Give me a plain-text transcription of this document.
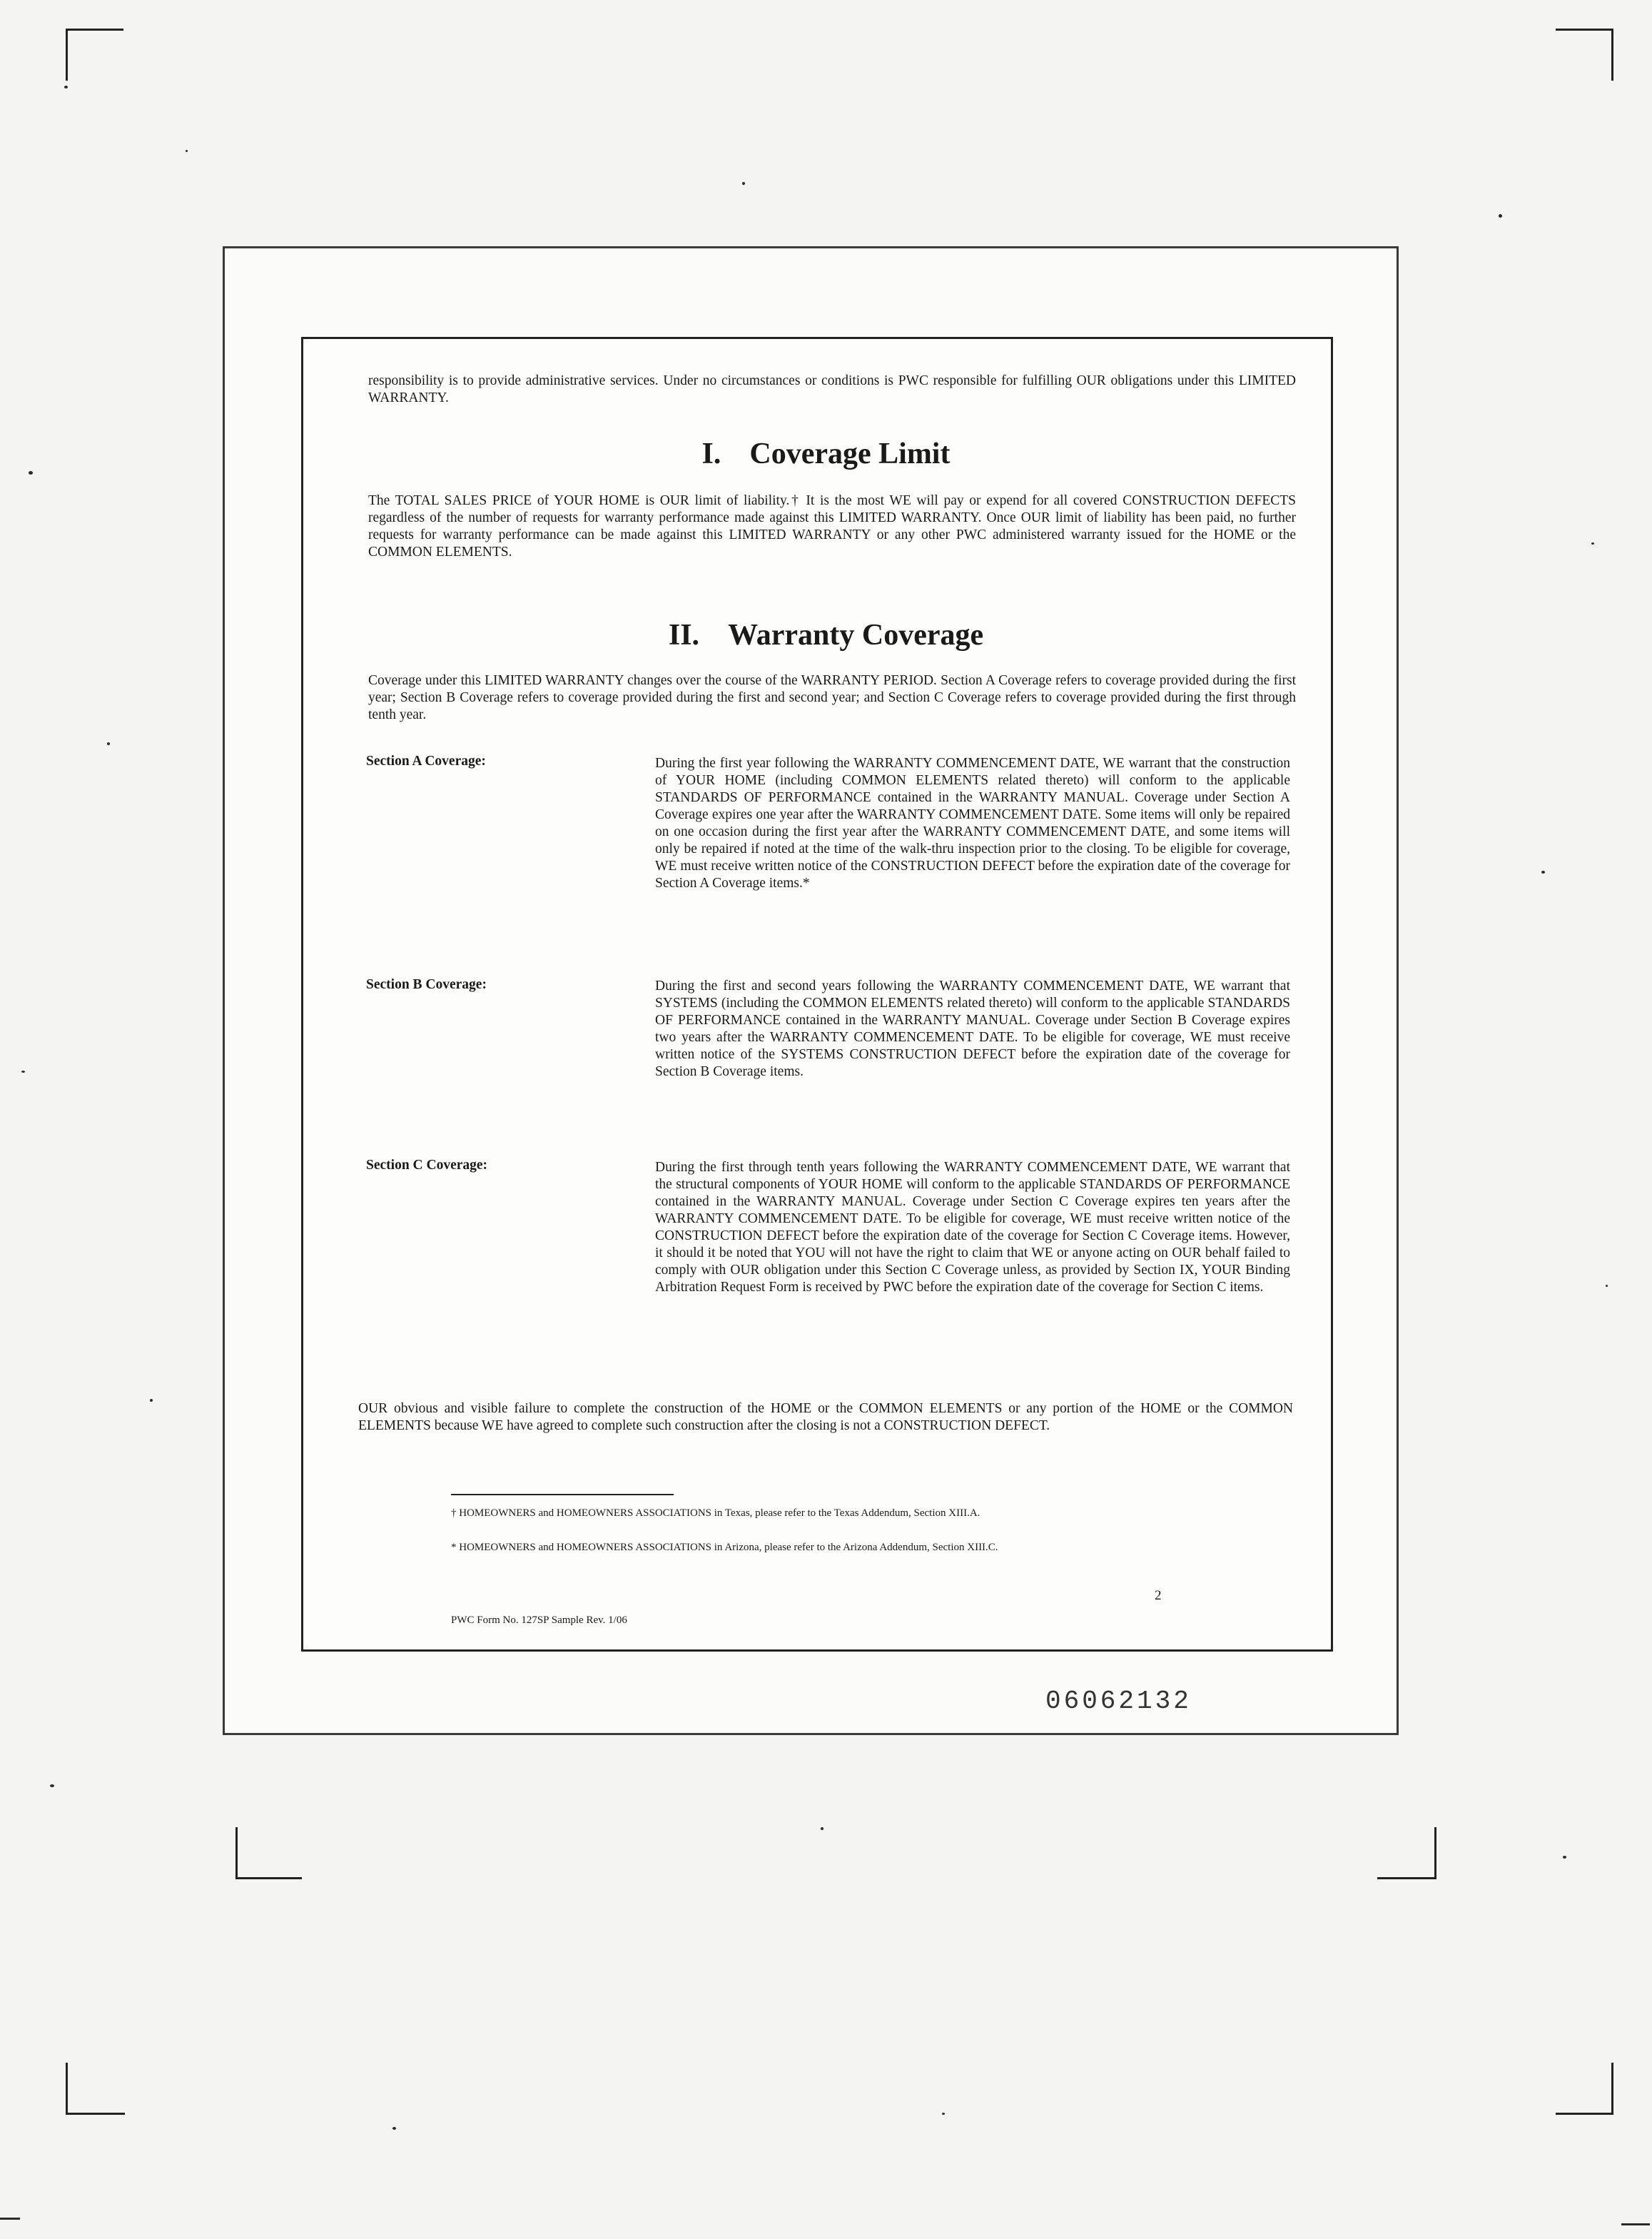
responsibility is to provide administrative services. Under no circumstances or conditions is PWC responsible for fulfilling OUR obligations under this LIMITED WARRANTY.
I. Coverage Limit
The TOTAL SALES PRICE of YOUR HOME is OUR limit of liability.† It is the most WE will pay or expend for all covered CONSTRUCTION DEFECTS regardless of the number of requests for warranty performance made against this LIMITED WARRANTY. Once OUR limit of liability has been paid, no further requests for warranty performance can be made against this LIMITED WARRANTY or any other PWC administered warranty issued for the HOME or the COMMON ELEMENTS.
II. Warranty Coverage
Coverage under this LIMITED WARRANTY changes over the course of the WARRANTY PERIOD. Section A Coverage refers to coverage provided during the first year; Section B Coverage refers to coverage provided during the first and second year; and Section C Coverage refers to coverage provided during the first through tenth year.
Section A Coverage:	During the first year following the WARRANTY COMMENCEMENT DATE, WE warrant that the construction of YOUR HOME (including COMMON ELEMENTS related thereto) will conform to the applicable STANDARDS OF PERFORMANCE contained in the WARRANTY MANUAL. Coverage under Section A Coverage expires one year after the WARRANTY COMMENCEMENT DATE. Some items will only be repaired on one occasion during the first year after the WARRANTY COMMENCEMENT DATE, and some items will only be repaired if noted at the time of the walk-thru inspection prior to the closing. To be eligible for coverage, WE must receive written notice of the CONSTRUCTION DEFECT before the expiration date of the coverage for Section A Coverage items.*
Section B Coverage:	During the first and second years following the WARRANTY COMMENCEMENT DATE, WE warrant that SYSTEMS (including the COMMON ELEMENTS related thereto) will conform to the applicable STANDARDS OF PERFORMANCE contained in the WARRANTY MANUAL. Coverage under Section B Coverage expires two years after the WARRANTY COMMENCEMENT DATE. To be eligible for coverage, WE must receive written notice of the SYSTEMS CONSTRUCTION DEFECT before the expiration date of the coverage for Section B Coverage items.
Section C Coverage:	During the first through tenth years following the WARRANTY COMMENCEMENT DATE, WE warrant that the structural components of YOUR HOME will conform to the applicable STANDARDS OF PERFORMANCE contained in the WARRANTY MANUAL. Coverage under Section C Coverage expires ten years after the WARRANTY COMMENCEMENT DATE. To be eligible for coverage, WE must receive written notice of the CONSTRUCTION DEFECT before the expiration date of the coverage for Section C Coverage items. However, it should it be noted that YOU will not have the right to claim that WE or anyone acting on OUR behalf failed to comply with OUR obligation under this Section C Coverage unless, as provided by Section IX, YOUR Binding Arbitration Request Form is received by PWC before the expiration date of the coverage for Section C items.
OUR obvious and visible failure to complete the construction of the HOME or the COMMON ELEMENTS or any portion of the HOME or the COMMON ELEMENTS because WE have agreed to complete such construction after the closing is not a CONSTRUCTION DEFECT.
† HOMEOWNERS and HOMEOWNERS ASSOCIATIONS in Texas, please refer to the Texas Addendum, Section XIII.A.
* HOMEOWNERS and HOMEOWNERS ASSOCIATIONS in Arizona, please refer to the Arizona Addendum, Section XIII.C.
2
PWC Form No. 127SP Sample Rev. 1/06
06062132
